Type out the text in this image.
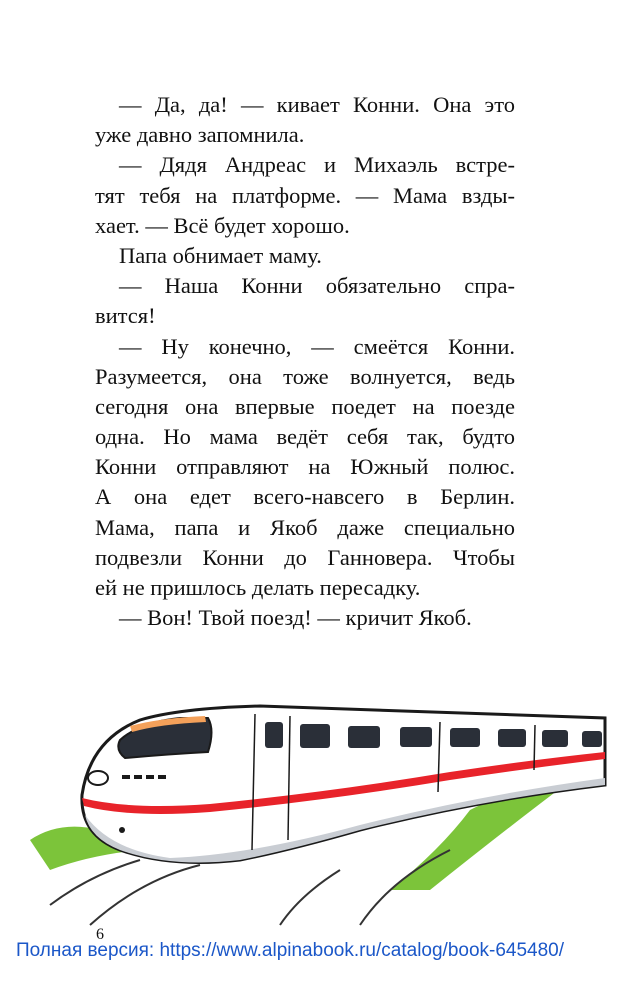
— Да, да! — кивает Конни. Она это
уже давно запомнила.
— Дядя Андреас и Михаэль встре-
тят тебя на платформе. — Мама взды-
хает. — Всё будет хорошо.
Папа обнимает маму.
— Наша Конни обязательно спра-
вится!
— Ну конечно, — смеётся Конни.
Разумеется, она тоже волнуется, ведь
сегодня она впервые поедет на поезде
одна. Но мама ведёт себя так, будто
Конни отправляют на Южный полюс.
А она едет всего-навсего в Берлин.
Мама, папа и Якоб даже специально
подвезли Конни до Ганновера. Чтобы
ей не пришлось делать пересадку.
— Вон! Твой поезд! — кричит Якоб.
6
Полная версия: https://www.alpinabook.ru/catalog/book-645480/
